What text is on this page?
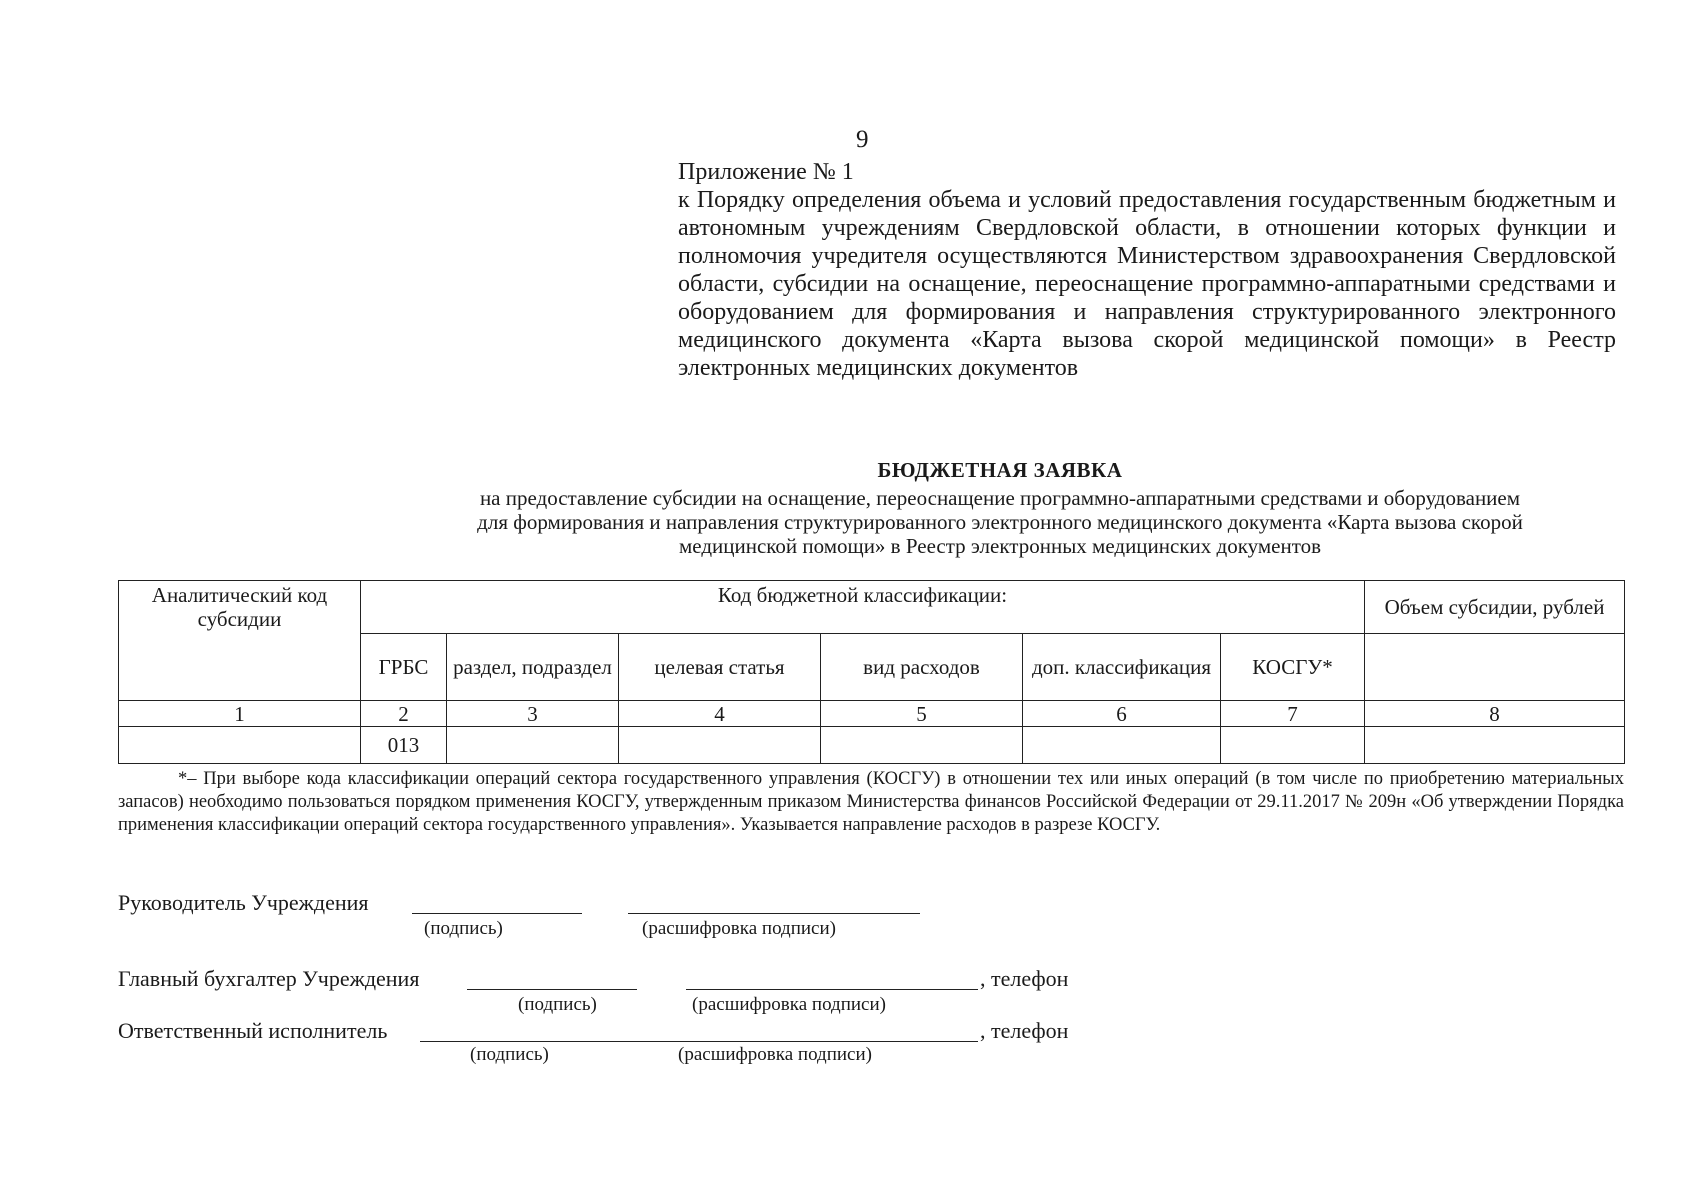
9
Приложение № 1
к Порядку определения объема и условий предоставления государственным бюджетным и автономным учреждениям Свердловской области, в отношении которых функции и полномочия учредителя осуществляются Министерством здравоохранения Свердловской области, субсидии на оснащение, переоснащение программно-аппаратными средствами и оборудованием для формирования и направления структурированного электронного медицинского документа «Карта вызова скорой медицинской помощи» в Реестр электронных медицинских документов
БЮДЖЕТНАЯ ЗАЯВКА
на предоставление субсидии на оснащение, переоснащение программно-аппаратными средствами и оборудованием
для формирования и направления структурированного электронного медицинского документа «Карта вызова скорой
медицинской помощи» в Реестр электронных медицинских документов
Аналитический код субсидии	Код бюджетной классификации:						Объем субсидии, рублей
	ГРБС	раздел, подраздел	целевая статья	вид расходов	доп. классификация	КОСГУ*	
1	2	3	4	5	6	7	8
	013						
*– При выборе кода классификации операций сектора государственного управления (КОСГУ) в отношении тех или иных операций (в том числе по приобретению материальных запасов) необходимо пользоваться порядком применения КОСГУ, утвержденным приказом Министерства финансов Российской Федерации от 29.11.2017 № 209н «Об утверждении Порядка применения классификации операций сектора государственного управления». Указывается направление расходов в разрезе КОСГУ.
Руководитель Учреждения
(подпись)	(расшифровка подписи)
Главный бухгалтер Учреждения	, телефон
(подпись)	(расшифровка подписи)
Ответственный исполнитель	, телефон
(подпись)	(расшифровка подписи)
